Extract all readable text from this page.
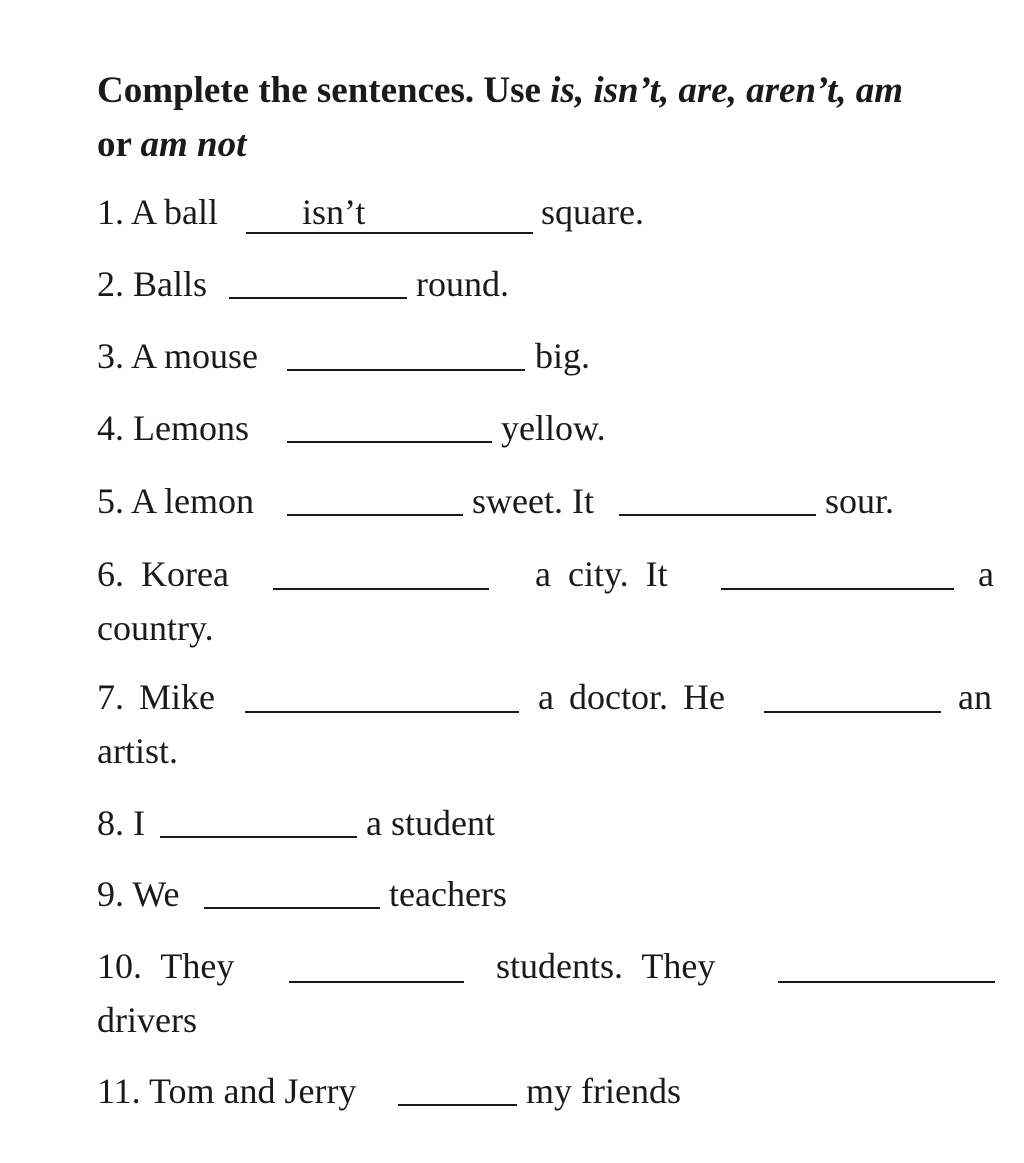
Complete the sentences. Use is, isn’t, are, aren’t, am
or am not
1. A ball isn’t	square.
2. Balls	round.
3. A mouse	big.
4. Lemons	yellow.
5. A lemon	sweet. It	sour.
6. Korea	a city. It	a
country.
7. Mike	a doctor. He	an
artist.
8. I	a student
9. We	teachers
10. They	students. They
drivers
11. Tom and Jerry	my friends
